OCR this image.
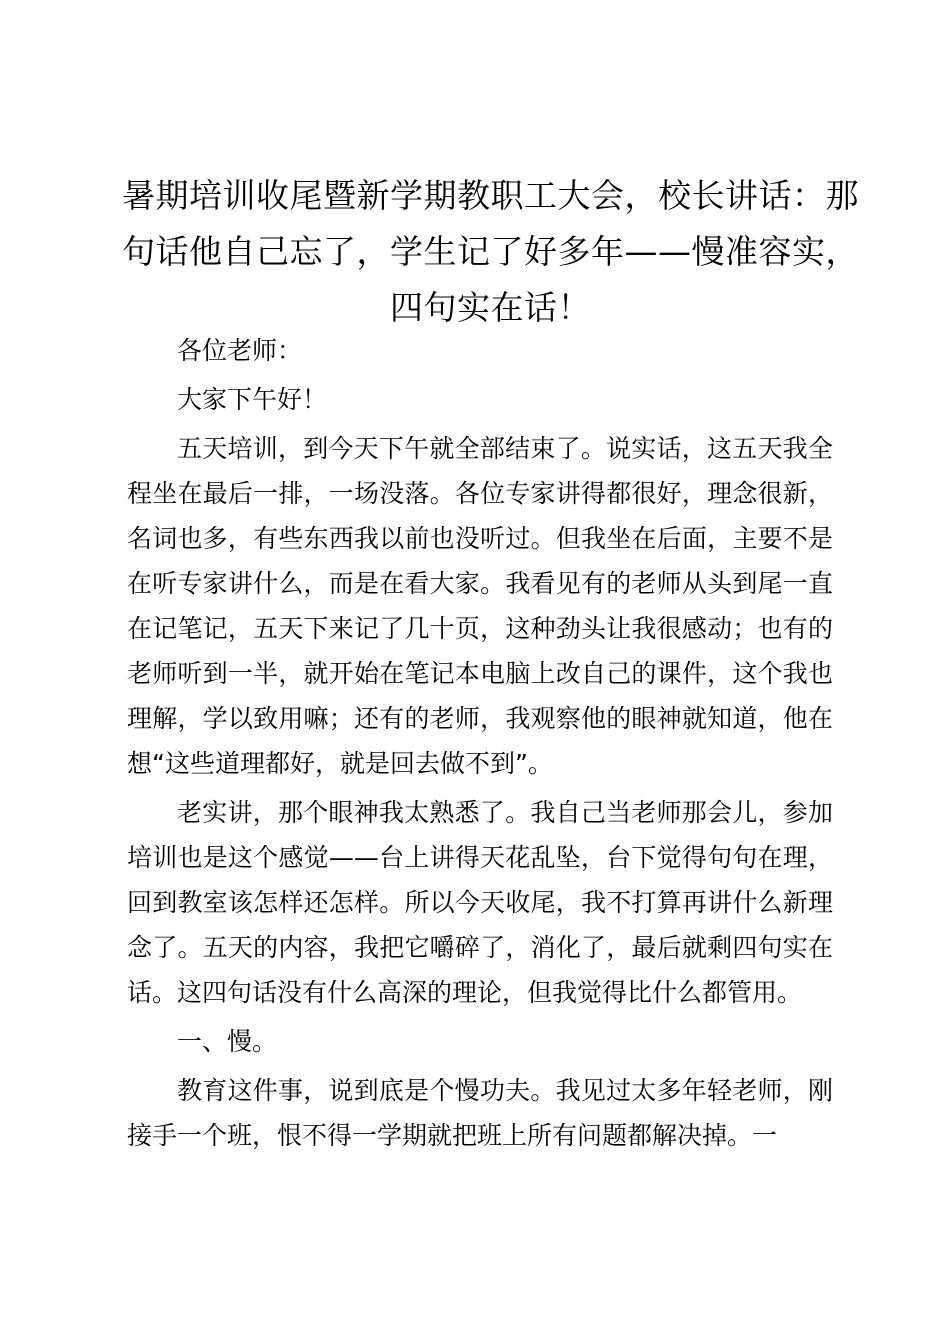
暑期培训收尾暨新学期教职工大会，校长讲话：那句话他自己忘了，学生记了好多年——慢准容实，四句实在话！

各位老师：

大家下午好！

五天培训，到今天下午就全部结束了。说实话，这五天我全程坐在最后一排，一场没落。各位专家讲得都很好，理念很新，名词也多，有些东西我以前也没听过。但我坐在后面，主要不是在听专家讲什么，而是在看大家。我看见有的老师从头到尾一直在记笔记，五天下来记了几十页，这种劲头让我很感动；也有的老师听到一半，就开始在笔记本电脑上改自己的课件，这个我也理解，学以致用嘛；还有的老师，我观察他的眼神就知道，他在想“这些道理都好，就是回去做不到”。

老实讲，那个眼神我太熟悉了。我自己当老师那会儿，参加培训也是这个感觉——台上讲得天花乱坠，台下觉得句句在理，回到教室该怎样还怎样。所以今天收尾，我不打算再讲什么新理念了。五天的内容，我把它嚼碎了，消化了，最后就剩四句实在话。这四句话没有什么高深的理论，但我觉得比什么都管用。

一、慢。

教育这件事，说到底是个慢功夫。我见过太多年轻老师，刚接手一个班，恨不得一学期就把班上所有问题都解决掉。一
